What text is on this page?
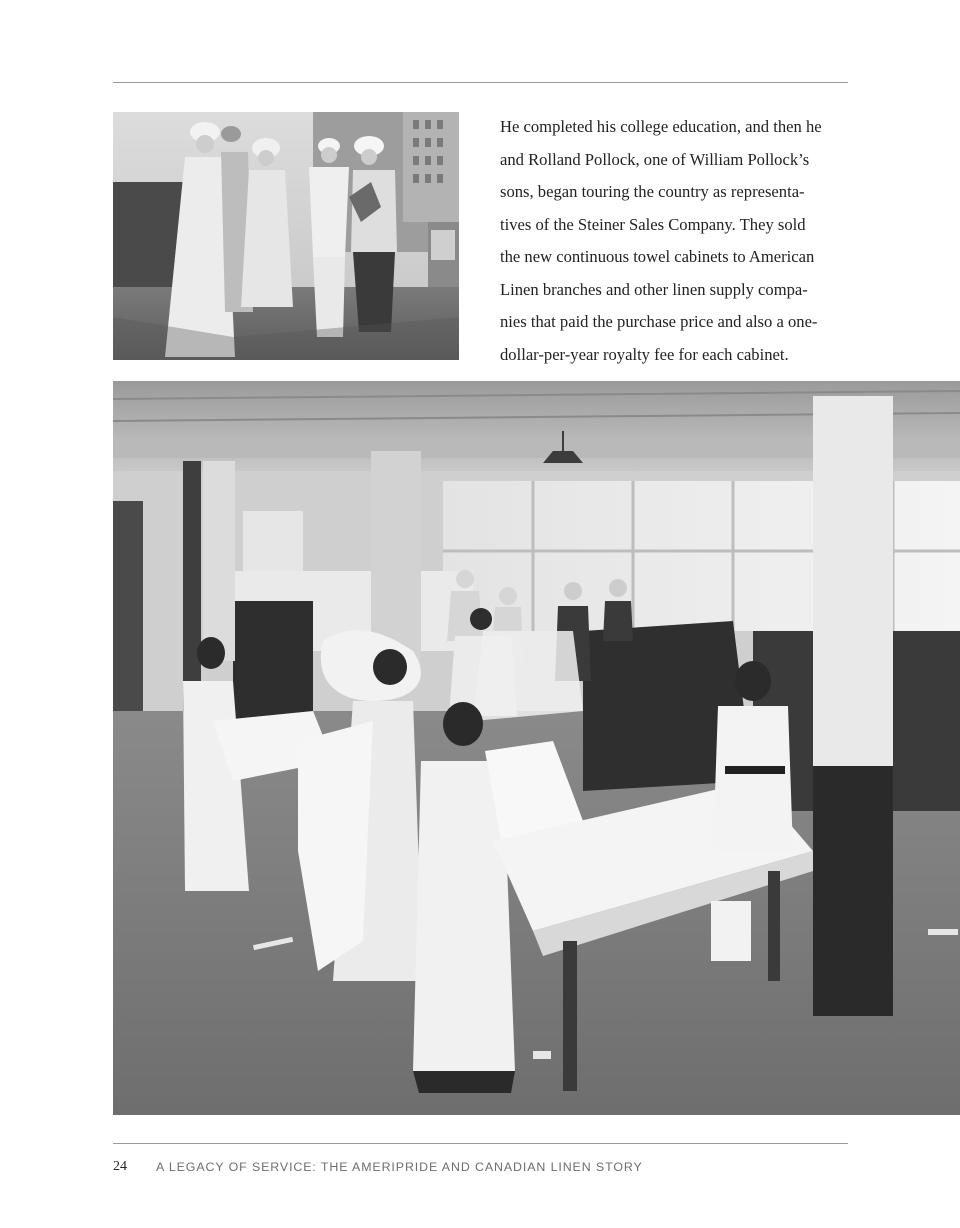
He completed his college education, and then he
and Rolland Pollock, one of William Pollock’s
sons, began touring the country as representa-
tives of the Steiner Sales Company. They sold
the new continuous towel cabinets to American
Linen branches and other linen supply compa-
nies that paid the purchase price and also a one-
dollar-per-year royalty fee for each cabinet.

24 A LEGACY OF SERVICE: THE AMERIPRIDE AND CANADIAN LINEN STORY
